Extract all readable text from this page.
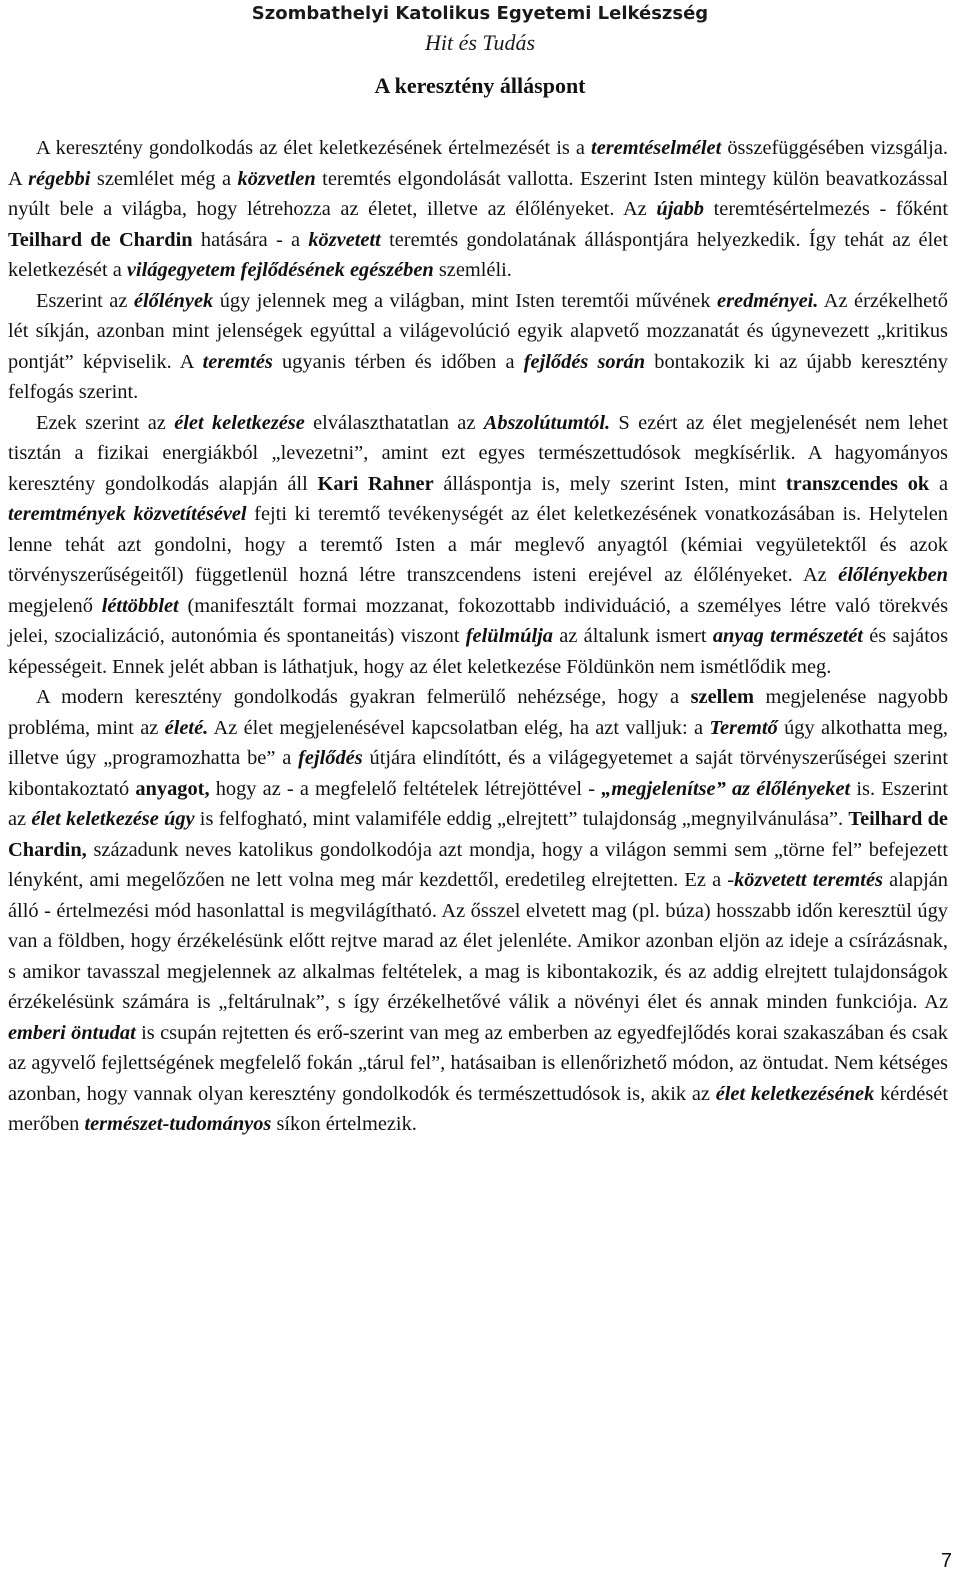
Szombathelyi Katolikus Egyetemi Lelkészség
Hit és Tudás
A keresztény álláspont

A keresztény gondolkodás az élet keletkezésének értelmezését is a teremtéselmélet összefüggésében vizsgálja. A régebbi szemlélet még a közvetlen teremtés elgondolását vallotta. Eszerint Isten mintegy külön beavatkozással nyúlt bele a világba, hogy létrehozza az életet, illetve az élőlényeket. Az újabb teremtésértelmezés - főként Teilhard de Chardin hatására - a közvetett teremtés gondolatának álláspontjára helyezkedik. Így tehát az élet keletkezését a világegyetem fejlődésének egészében szemléli.

Eszerint az élőlények úgy jelennek meg a világban, mint Isten teremtői művének eredményei. Az érzékelhető lét síkján, azonban mint jelenségek egyúttal a világevolúció egyik alapvető mozzanatát és úgynevezett „kritikus pontját” képviselik. A teremtés ugyanis térben és időben a fejlődés során bontakozik ki az újabb keresztény felfogás szerint.

Ezek szerint az élet keletkezése elválaszthatatlan az Abszolútumtól. S ezért az élet megjelenését nem lehet tisztán a fizikai energiákból „levezetni”, amint ezt egyes természettudósok megkísérlik. A hagyományos keresztény gondolkodás alapján áll Kari Rahner álláspontja is, mely szerint Isten, mint transzcendes ok a teremtmények közvetítésével fejti ki teremtő tevékenységét az élet keletkezésének vonatkozásában is. Helytelen lenne tehát azt gondolni, hogy a teremtő Isten a már meglevő anyagtól (kémiai vegyületektől és azok törvényszerűségeitől) függetlenül hozná létre transzcendens isteni erejével az élőlényeket. Az élőlényekben megjelenő léttöbblet (manifesztált formai mozzanat, fokozottabb individuáció, a személyes létre való törekvés jelei, szocializáció, autonómia és spontaneitás) viszont felülmúlja az általunk ismert anyag természetét és sajátos képességeit. Ennek jelét abban is láthatjuk, hogy az élet keletkezése Földünkön nem ismétlődik meg.

A modern keresztény gondolkodás gyakran felmerülő nehézsége, hogy a szellem megjelenése nagyobb probléma, mint az életé. Az élet megjelenésével kapcsolatban elég, ha azt valljuk: a Teremtő úgy alkothatta meg, illetve úgy „programozhatta be” a fejlődés útjára elindítótt, és a világegyetemet a saját törvényszerűségei szerint kibontakoztató anyagot, hogy az - a megfelelő feltételek létrejöttével - „megjelenítse” az élőlényeket is. Eszerint az élet keletkezése úgy is felfogható, mint valamiféle eddig „elrejtett” tulajdonság „megnyilvánulása”. Teilhard de Chardin, századunk neves katolikus gondolkodója azt mondja, hogy a világon semmi sem „törne fel” befejezett lényként, ami megelőzően ne lett volna meg már kezdettől, eredetileg elrejtetten. Ez a -közvetett teremtés alapján álló - értelmezési mód hasonlattal is megvilágítható. Az ősszel elvetett mag (pl. búza) hosszabb időn keresztül úgy van a földben, hogy érzékelésünk előtt rejtve marad az élet jelenléte. Amikor azonban eljön az ideje a csírázásnak, s amikor tavasszal megjelennek az alkalmas feltételek, a mag is kibontakozik, és az addig elrejtett tulajdonságok érzékelésünk számára is „feltárulnak”, s így érzékelhetővé válik a növényi élet és annak minden funkciója. Az emberi öntudat is csupán rejtetten és erő-szerint van meg az emberben az egyedfejlődés korai szakaszában és csak az agyvelő fejlettségének megfelelő fokán „tárul fel”, hatásaiban is ellenőrizhető módon, az öntudat. Nem kétséges azonban, hogy vannak olyan keresztény gondolkodók és természettudósok is, akik az élet keletkezésének kérdését merőben természet-tudományos síkon értelmezik.

7
